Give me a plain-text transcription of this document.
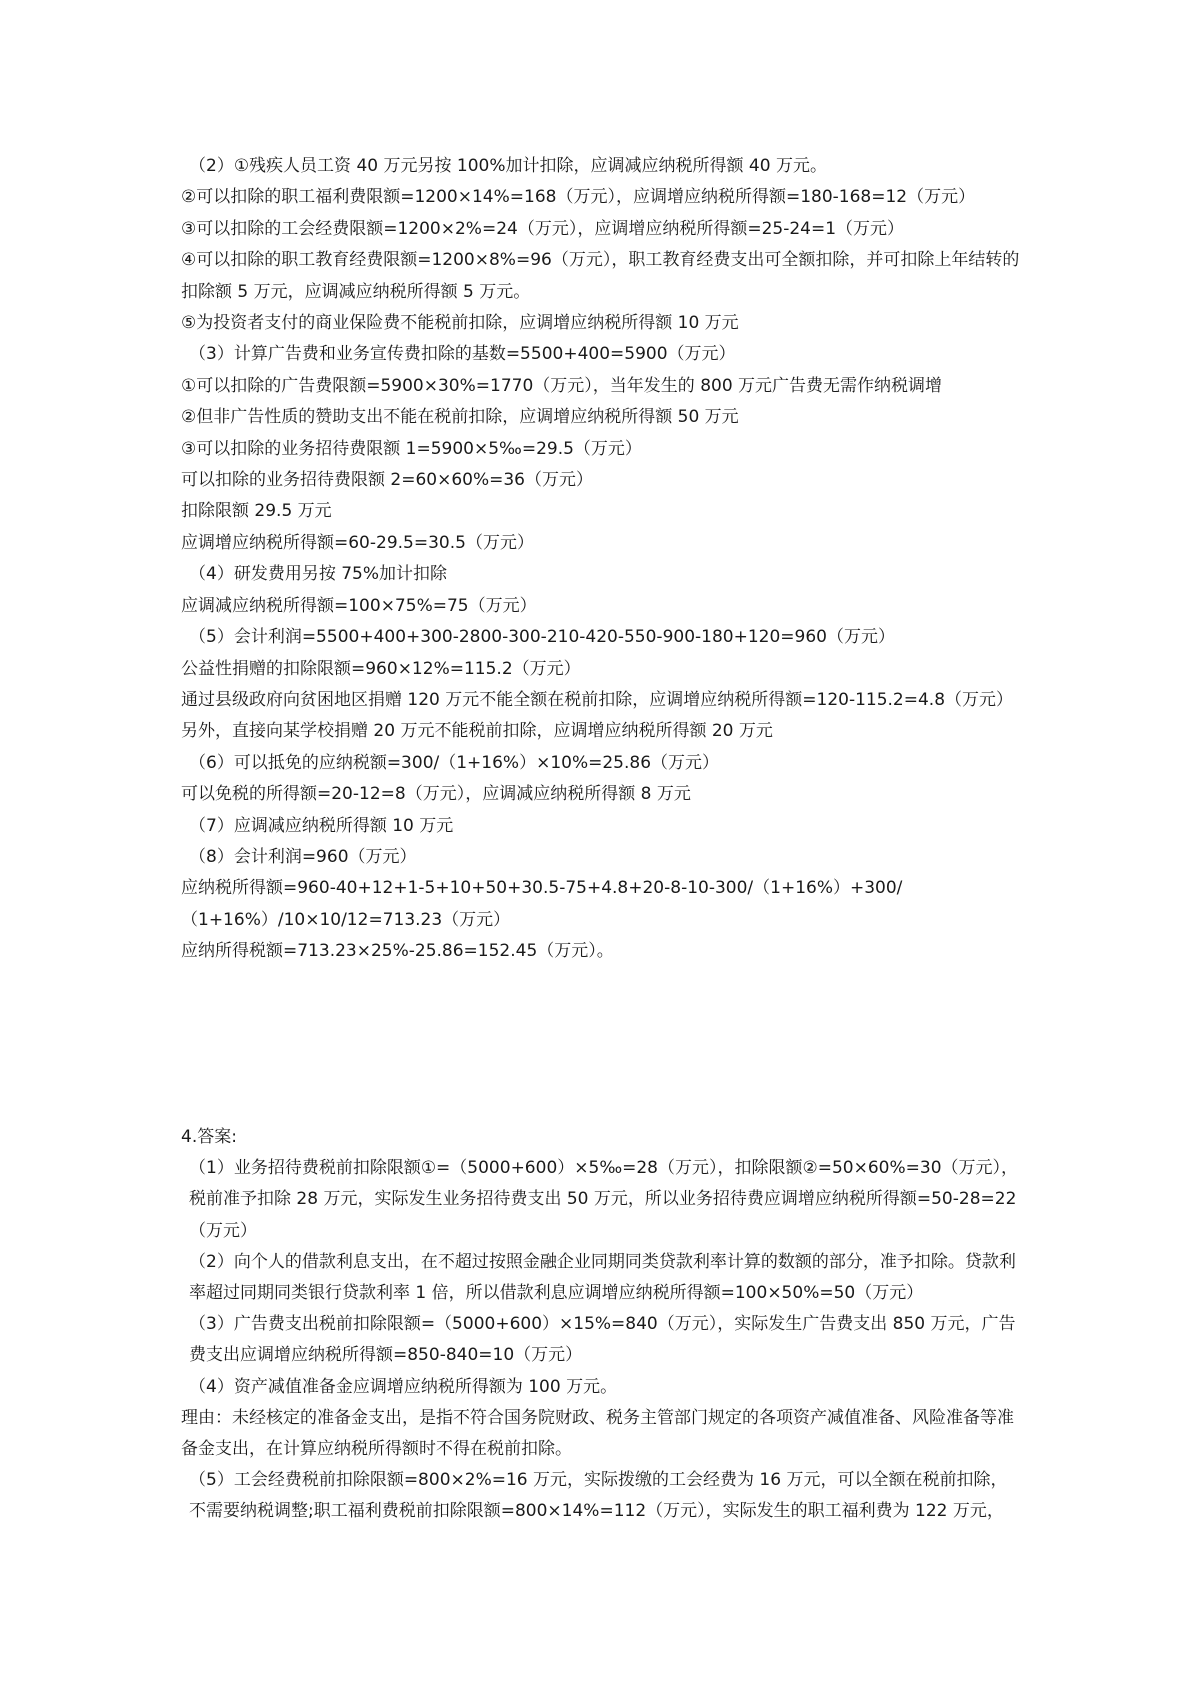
（2）①残疾人员工资 40 万元另按 100%加计扣除，应调减应纳税所得额 40 万元。

②可以扣除的职工福利费限额=1200×14%=168（万元），应调增应纳税所得额=180-168=12（万元）

③可以扣除的工会经费限额=1200×2%=24（万元），应调增应纳税所得额=25-24=1（万元）

④可以扣除的职工教育经费限额=1200×8%=96（万元），职工教育经费支出可全额扣除，并可扣除上年结转的扣除额 5 万元，应调减应纳税所得额 5 万元。

⑤为投资者支付的商业保险费不能税前扣除，应调增应纳税所得额 10 万元

（3）计算广告费和业务宣传费扣除的基数=5500+400=5900（万元）

①可以扣除的广告费限额=5900×30%=1770（万元），当年发生的 800 万元广告费无需作纳税调增

②但非广告性质的赞助支出不能在税前扣除，应调增应纳税所得额 50 万元

③可以扣除的业务招待费限额 1=5900×5‰=29.5（万元）

可以扣除的业务招待费限额 2=60×60%=36（万元）

扣除限额 29.5 万元

应调增应纳税所得额=60-29.5=30.5（万元）

（4）研发费用另按 75%加计扣除

应调减应纳税所得额=100×75%=75（万元）

（5）会计利润=5500+400+300-2800-300-210-420-550-900-180+120=960（万元）

公益性捐赠的扣除限额=960×12%=115.2（万元）

通过县级政府向贫困地区捐赠 120 万元不能全额在税前扣除，应调增应纳税所得额=120-115.2=4.8（万元）

另外，直接向某学校捐赠 20 万元不能税前扣除，应调增应纳税所得额 20 万元

（6）可以抵免的应纳税额=300/（1+16%）×10%=25.86（万元）

可以免税的所得额=20-12=8（万元），应调减应纳税所得额 8 万元

（7）应调减应纳税所得额 10 万元

（8）会计利润=960（万元）

应纳税所得额=960-40+12+1-5+10+50+30.5-75+4.8+20-8-10-300/（1+16%）+300/（1+16%）/10×10/12=713.23（万元）

应纳所得税额=713.23×25%-25.86=152.45（万元）。

4.答案:

（1）业务招待费税前扣除限额①=（5000+600）×5‰=28（万元），扣除限额②=50×60%=30（万元），税前准予扣除 28 万元，实际发生业务招待费支出 50 万元，所以业务招待费应调增应纳税所得额=50-28=22（万元）

（2）向个人的借款利息支出，在不超过按照金融企业同期同类贷款利率计算的数额的部分，准予扣除。贷款利率超过同期同类银行贷款利率 1 倍，所以借款利息应调增应纳税所得额=100×50%=50（万元）

（3）广告费支出税前扣除限额=（5000+600）×15%=840（万元），实际发生广告费支出 850 万元，广告费支出应调增应纳税所得额=850-840=10（万元）

（4）资产减值准备金应调增应纳税所得额为 100 万元。

理由：未经核定的准备金支出，是指不符合国务院财政、税务主管部门规定的各项资产减值准备、风险准备等准备金支出，在计算应纳税所得额时不得在税前扣除。

（5）工会经费税前扣除限额=800×2%=16 万元，实际拨缴的工会经费为 16 万元，可以全额在税前扣除，不需要纳税调整;职工福利费税前扣除限额=800×14%=112（万元），实际发生的职工福利费为 122 万元，
